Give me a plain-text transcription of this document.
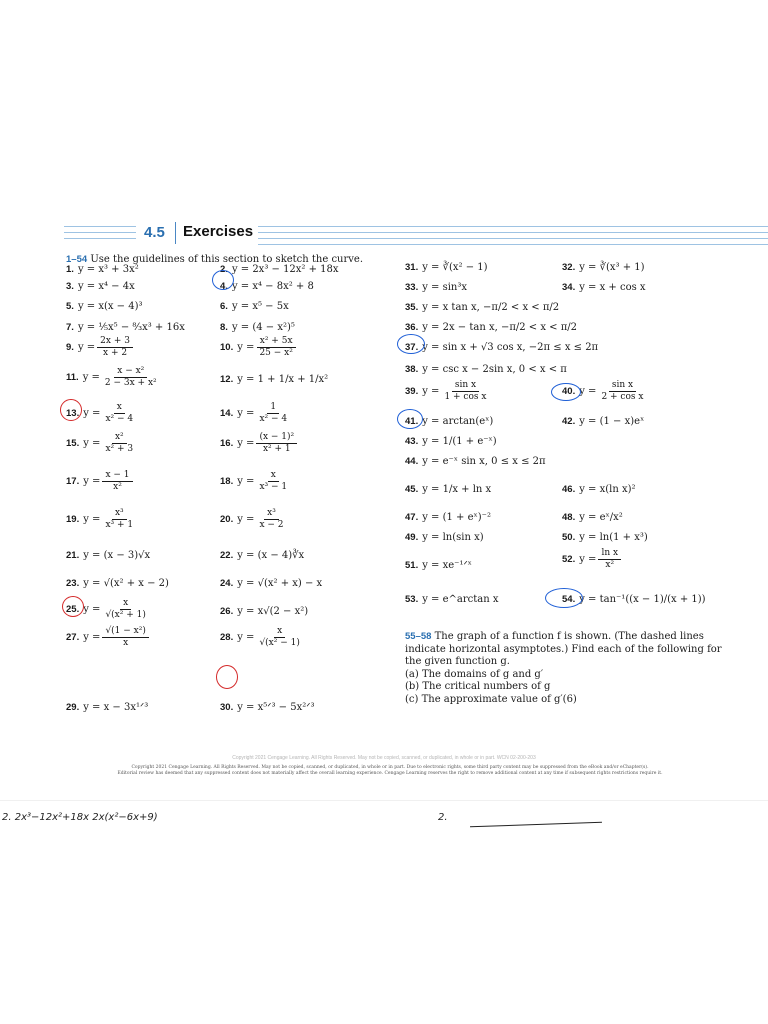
4.5 Exercises
1–54 Use the guidelines of this section to sketch the curve.
1. y = x³ + 3x²	2. y = 2x³ − 12x² + 18x
3. y = x⁴ − 4x	4. y = x⁴ − 8x² + 8
5. y = x(x − 4)³	6. y = x⁵ − 5x
7. y = ⅕x⁵ − ⁸⁄₃x³ + 16x	8. y = (4 − x²)⁵
9. $y = \frac{2x + 3}{x + 2}$	10. $y = \frac{\text{x² + 5x}}{\text{25 − x²}}$
11. $y = \frac{\text{x − x²}}{\text{2 − 3x + x²}}$	12. y = 1 + 1/x + 1/x²
13. $y = \frac{x}{\text{x² − 4}}$	14. $y = \frac{1}{\text{x² − 4}}$
15. $y = \frac{\text{x²}}{\text{x² + 3}}$	16. $y = \frac{\text{(x − 1)²}}{\text{x² + 1}}$
17. $y = \frac{x - 1}{\text{x²}}$	18. $y = \frac{x}{\text{x³ − 1}}$
19. $y = \frac{\text{x³}}{\text{x³ + 1}}$	20. $y = \frac{\text{x³}}{x - 2}$
21. y = (x − 3)√x	22. y = (x − 4)∛x
23. y = √(x² + x − 2)	24. y = √(x² + x) − x
25. $y = \frac{x}{\text{√(x² + 1)}}$	26. y = x√(2 − x²)
27. $y = \frac{\text{√(1 − x²)}}{x}$	28. $y = \frac{x}{\text{√(x² − 1)}}$
29. y = x − 3x¹ᐟ³	30. y = x⁵ᐟ³ − 5x²ᐟ³
31. y = ∛(x² − 1)	32. y = ∛(x³ + 1)
33. y = sin³x	34. y = x + cos x
35. y = x tan x, −π/2 < x < π/2
36. y = 2x − tan x, −π/2 < x < π/2
37. y = sin x + √3 cos x, −2π ≤ x ≤ 2π
38. y = csc x − 2sin x, 0 < x < π
39. $y = \frac{\text{sin x}}{\text{1 + cos x}}$	40. $y = \frac{\text{sin x}}{\text{2 + cos x}}$
41. y = arctan(eˣ)	42. y = (1 − x)eˣ
43. y = 1/(1 + e⁻ˣ)
44. y = e⁻ˣ sin x, 0 ≤ x ≤ 2π
45. y = 1/x + ln x	46. y = x(ln x)²
47. y = (1 + eˣ)⁻²	48. y = eˣ/x²
49. y = ln(sin x)	50. y = ln(1 + x³)
51. y = xe⁻¹ᐟˣ
52. $y = \frac{\text{ln x}}{\text{x²}}$
53. y = e^arctan x	54. y = tan⁻¹((x − 1)/(x + 1))
55–58 The graph of a function f is shown. (The dashed lines indicate horizontal asymptotes.) Find each of the following for the given function g.
(a) The domains of g and g′
(b) The critical numbers of g
(c) The approximate value of g′(6)
Copyright 2021 Cengage Learning. All Rights Reserved. May not be copied, scanned, or duplicated, in whole or in part. WCN 02-200-203
Copyright 2021 Cengage Learning. All Rights Reserved. May not be copied, scanned, or duplicated, in whole or in part. Due to electronic rights, some third party content may be suppressed from the eBook and/or eChapter(s).
Editorial review has deemed that any suppressed content does not materially affect the overall learning experience. Cengage Learning reserves the right to remove additional content at any time if subsequent rights restrictions require it.
2. 2x³−12x²+18x 2x(x²−6x+9)	2.
